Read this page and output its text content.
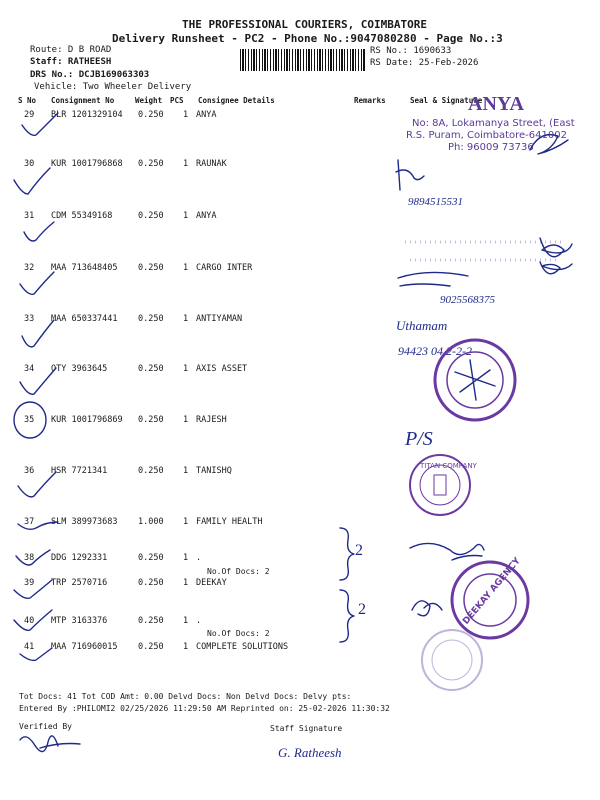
THE PROFESSIONAL COURIERS, COIMBATORE
Delivery Runsheet - PC2 - Phone No.:9047080280 - Page No.:3
Route: D B ROAD
Staff: RATHEESH
DRS No.: DCJB169063303
Vehicle: Two Wheeler Delivery
RS No.: 1690633
RS Date: 25-Feb-2026
S No Consignment No	Weight PCS Consignee Details	Remarks	Seal & Signature
29 BLR 1201329104 0.250 1 ANYA
30 KUR 1001796868 0.250 1 RAUNAK
31 CDM 55349168	0.250 1 ANYA
32 MAA 713648405 0.250 1 CARGO INTER
33 MAA 650337441 0.250 1 ANTIYAMAN
34 OTY 3963645	0.250 1 AXIS ASSET
35 KUR 1001796869 0.250 1 RAJESH
36 HSR 7721341	0.250 1 TANISHQ
37 SLM 389973683 1.000 1 FAMILY HEALTH
38 DDG 1292331	0.250 1 .
No.Of Docs: 2
39 TRP 2570716	0.250 1 DEEKAY
40 MTP 3163376	0.250 1 .
No.Of Docs: 2
41 MAA 716960015 0.250 1 COMPLETE SOLUTIONS
Tot Docs: 41 Tot COD Amt: 0.00 Delvd Docs: Non Delvd Docs: Delvy pts:
Entered By :PHILOMI2 02/25/2026 11:29:50 AM Reprinted on: 25-02-2026 11:30:32
Verified By	Staff Signature
ANYA
No: 8A, Lokamanya Street, (East
R.S. Puram, Coimbatore-641002
Ph: 96009 73736
9894515531
9025568375
Uthamam
94423 04 2-2-2
P/S
TITAN COMPANY
2
2	DEEKAY AGENCY
G. Ratheesh
